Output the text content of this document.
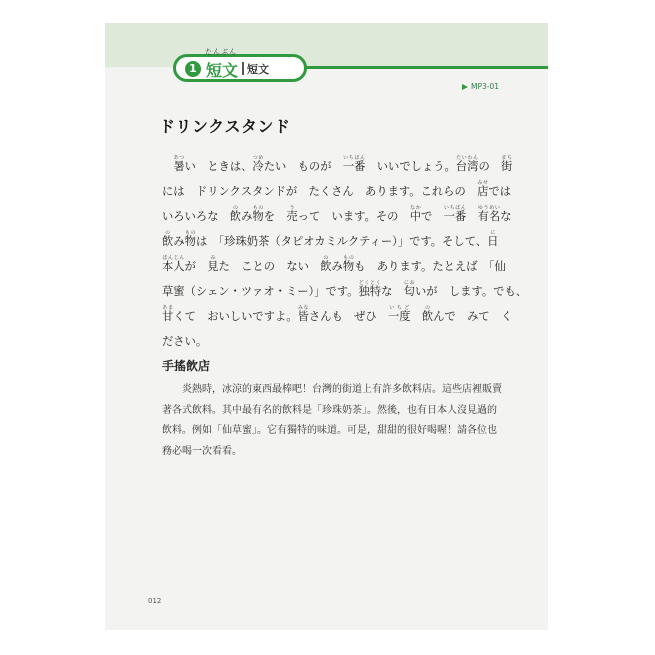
1
たんぶん
短文 短文
MP3-01
ドリンクスタンド
　暑あつい　ときは、冷つめたい　ものが　一番いちばん　いいでしょう。台湾たいわんの　街まち
には　ドリンクスタンドが　たくさん　あります。これらの　店みせでは
いろいろな　飲のみ物ものを　売うって　います。その　中なかで　一番いちばん　有名ゆうめいな
飲のみ物ものは　「珍珠奶茶（タピオカミルクティー）」です。そして、日に
本人ほんじんが　見みた　ことの　ない　飲のみ物ものも　あります。たとえば　「仙
草蜜（シェン・ツァオ・ミー）」です。独特どくとくな　匂においが　します。でも、
甘あまくて　おいしいですよ。皆みなさんも　ぜひ　一度いちど　飲のんで　みて　く
ださい。
手搖飲店
　　炎熱時，冰涼的東西最棒吧！台灣的街道上有許多飲料店。這些店裡販賣
著各式飲料。其中最有名的飲料是「珍珠奶茶」。然後，也有日本人沒見過的
飲料。例如「仙草蜜」。它有獨特的味道。可是，甜甜的很好喝喔！請各位也
務必喝一次看看。
012
